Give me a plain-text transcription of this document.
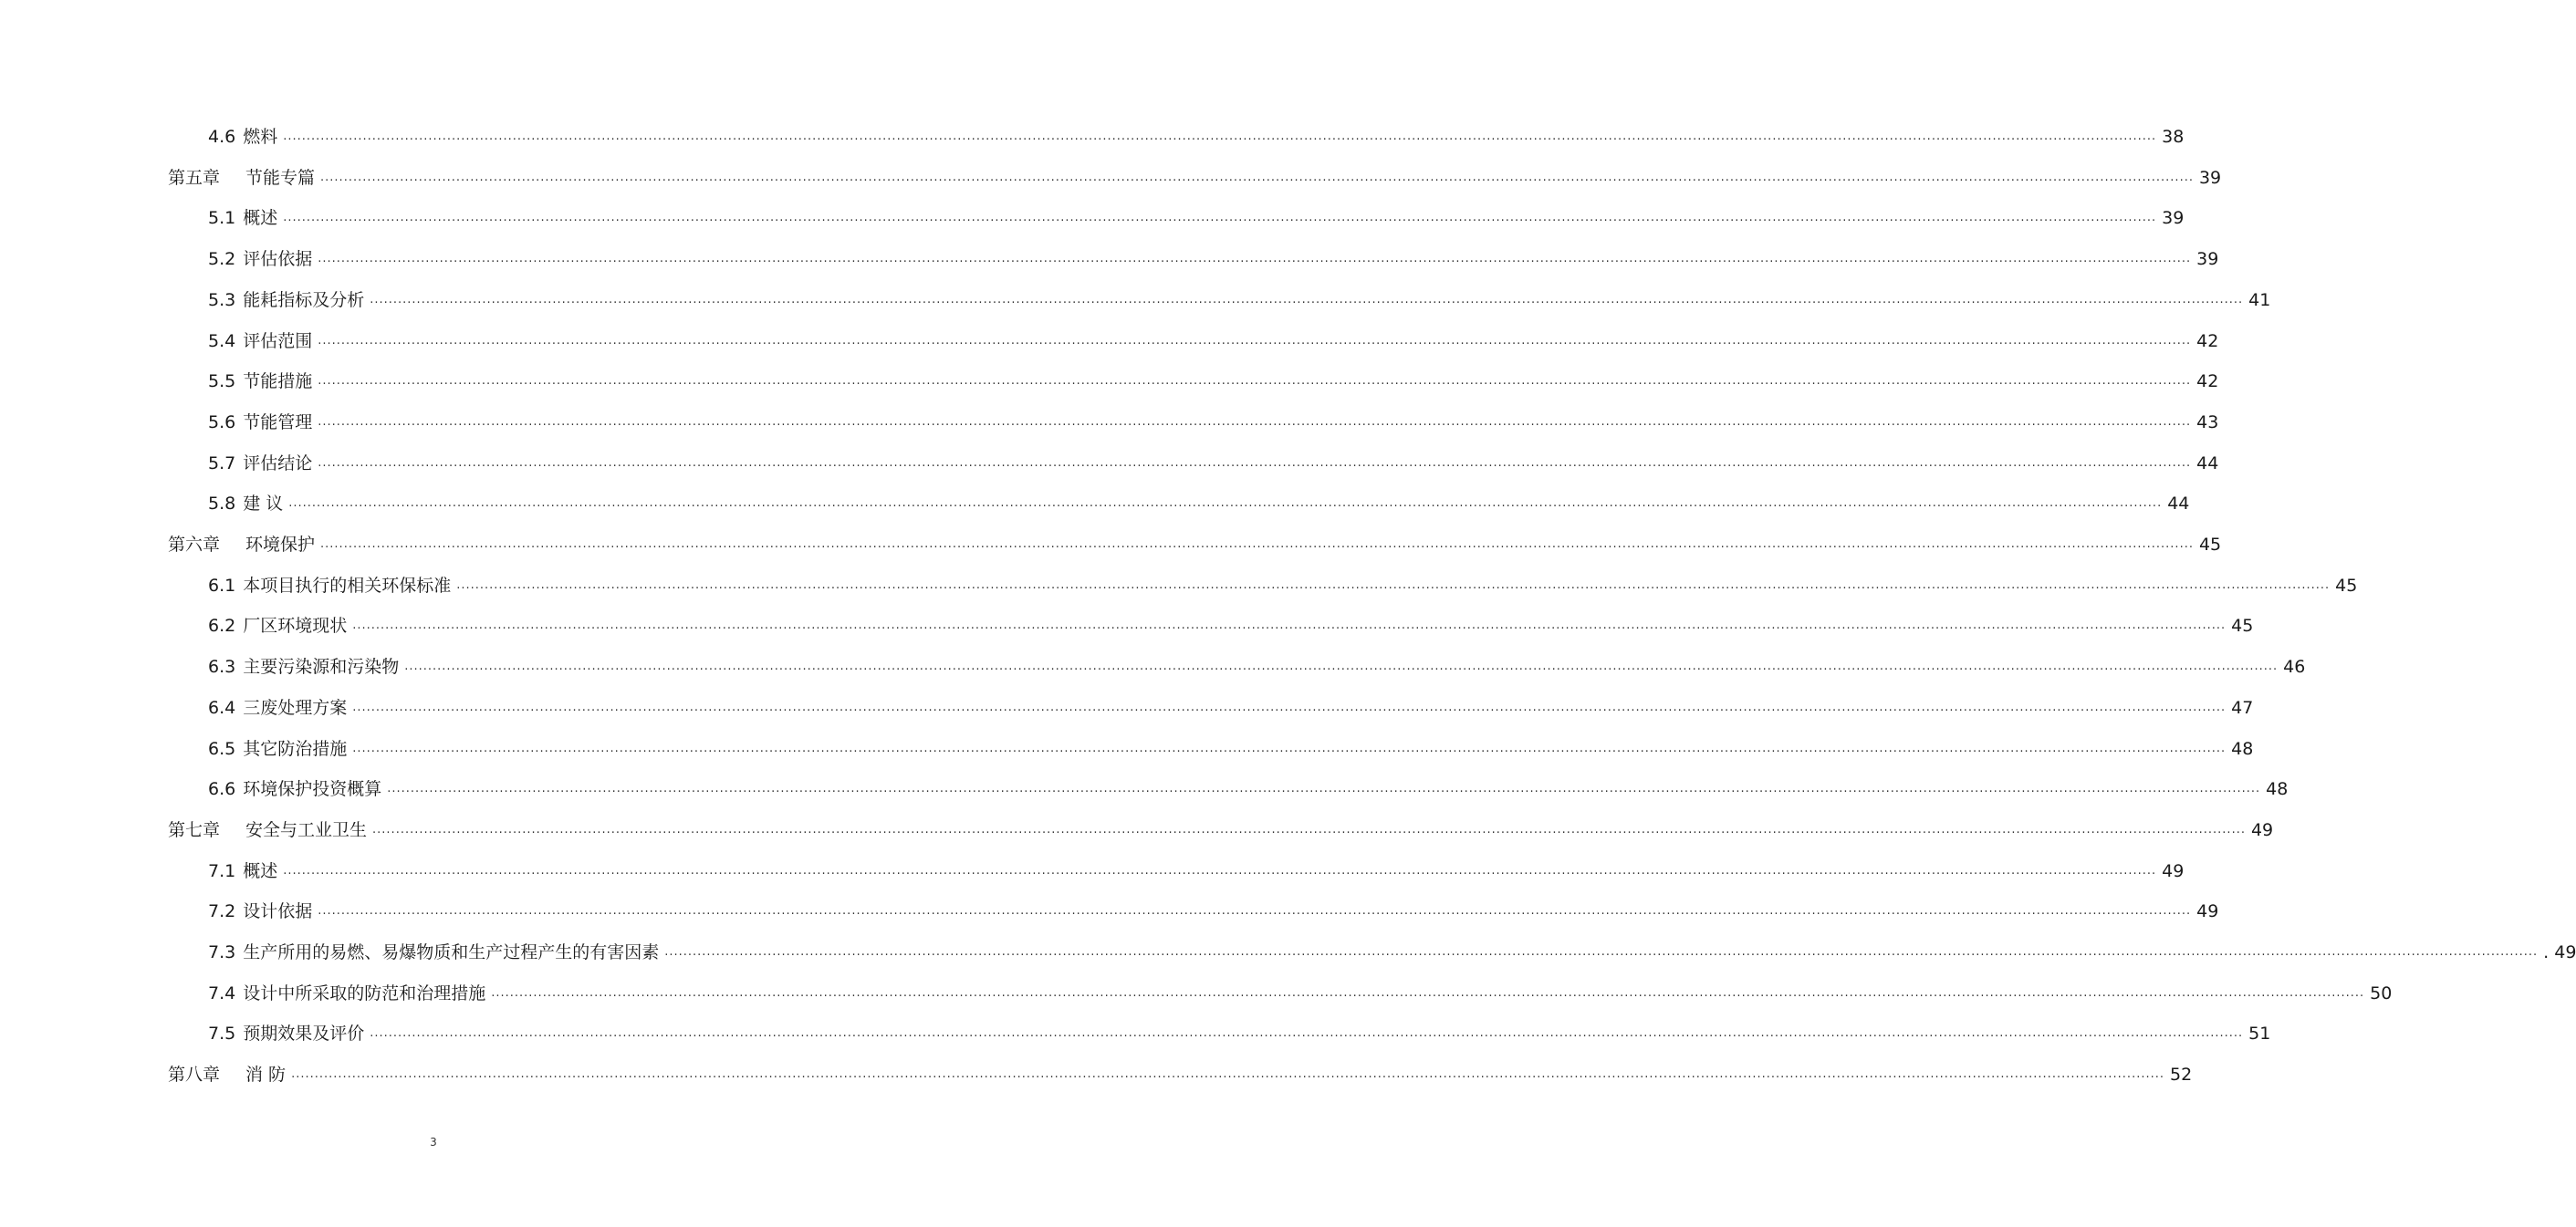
4.6 燃料 ................................................................................................................................................................................................................................................................................................................................................................................................................ 38
第五章 节能专篇 ................................................................................................................................................................................................................................................................................................................................................................................................................ 39
5.1 概述 ................................................................................................................................................................................................................................................................................................................................................................................................................ 39
5.2 评估依据 ................................................................................................................................................................................................................................................................................................................................................................................................................ 39
5.3 能耗指标及分析 ................................................................................................................................................................................................................................................................................................................................................................................................................ 41
5.4 评估范围 ................................................................................................................................................................................................................................................................................................................................................................................................................ 42
5.5 节能措施 ................................................................................................................................................................................................................................................................................................................................................................................................................ 42
5.6 节能管理 ................................................................................................................................................................................................................................................................................................................................................................................................................ 43
5.7 评估结论 ................................................................................................................................................................................................................................................................................................................................................................................................................ 44
5.8 建 议 ................................................................................................................................................................................................................................................................................................................................................................................................................ 44
第六章 环境保护 ................................................................................................................................................................................................................................................................................................................................................................................................................ 45
6.1 本项目执行的相关环保标准 ................................................................................................................................................................................................................................................................................................................................................................................................................ 45
6.2 厂区环境现状 ................................................................................................................................................................................................................................................................................................................................................................................................................ 45
6.3 主要污染源和污染物 ................................................................................................................................................................................................................................................................................................................................................................................................................ 46
6.4 三废处理方案 ................................................................................................................................................................................................................................................................................................................................................................................................................ 47
6.5 其它防治措施 ................................................................................................................................................................................................................................................................................................................................................................................................................ 48
6.6 环境保护投资概算 ................................................................................................................................................................................................................................................................................................................................................................................................................ 48
第七章 安全与工业卫生 ................................................................................................................................................................................................................................................................................................................................................................................................................ 49
7.1 概述 ................................................................................................................................................................................................................................................................................................................................................................................................................ 49
7.2 设计依据 ................................................................................................................................................................................................................................................................................................................................................................................................................ 49
7.3 生产所用的易燃、易爆物质和生产过程产生的有害因素 ................................................................................................................................................................................................................................................................................................................................................................................................................ . 49
7.4 设计中所采取的防范和治理措施 ................................................................................................................................................................................................................................................................................................................................................................................................................ 50
7.5 预期效果及评价 ................................................................................................................................................................................................................................................................................................................................................................................................................ 51
第八章 消 防 ................................................................................................................................................................................................................................................................................................................................................................................................................ 52
3
